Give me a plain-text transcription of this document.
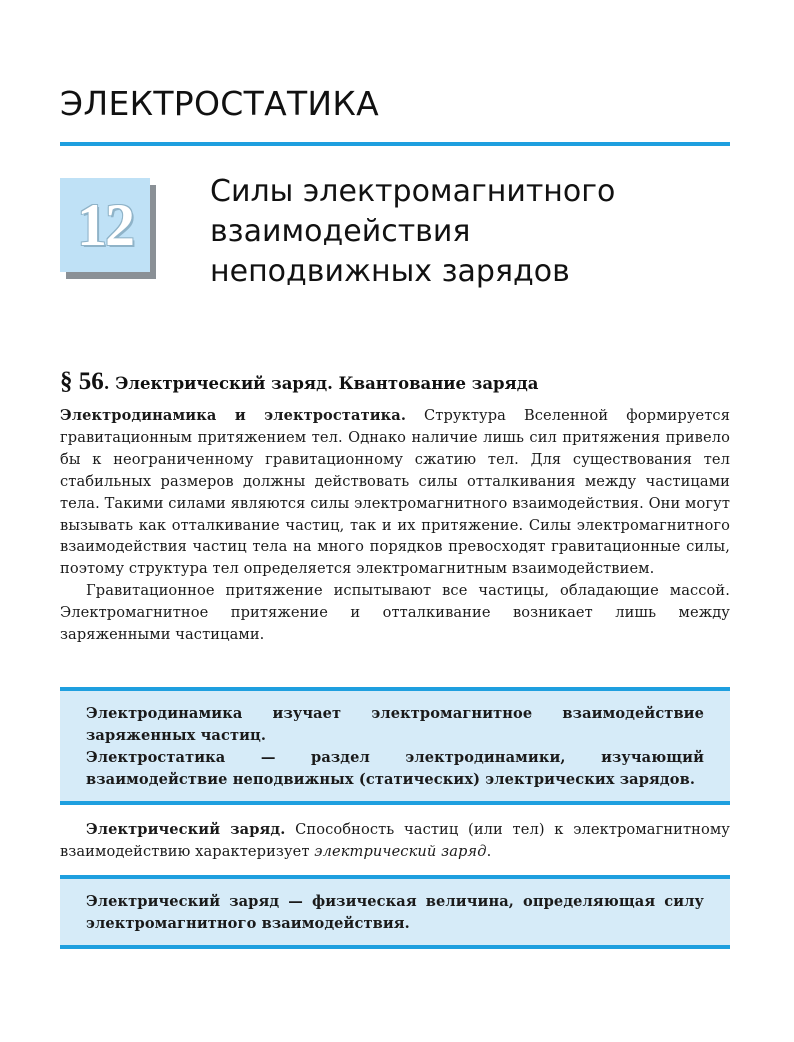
ЭЛЕКТРОСТАТИКА
12	Силы электромагнитного
взаимодействия
неподвижных зарядов
§ 56. Электрический заряд. Квантование заряда
Электродинамика и электростатика. Структура Вселенной формируется гравитационным притяжением тел. Однако наличие лишь сил притяжения привело бы к неограниченному гравитационному сжатию тел. Для существования тел стабильных размеров должны действовать силы отталкивания между частицами тела. Такими силами являются силы электромагнитного взаимодействия. Они могут вызывать как отталкивание частиц, так и их притяжение. Силы электромагнитного взаимодействия частиц тела на много порядков превосходят гравитационные силы, поэтому структура тел определяется электромагнитным взаимодействием.
Гравитационное притяжение испытывают все частицы, обладающие массой. Электромагнитное притяжение и отталкивание возникает лишь между заряженными частицами.
Электродинамика изучает электромагнитное взаимодействие заряженных частиц.
Электростатика — раздел электродинамики, изучающий взаимодействие неподвижных (статических) электрических зарядов.
Электрический заряд. Способность частиц (или тел) к электромагнитному взаимодействию характеризует электрический заряд.
Электрический заряд — физическая величина, определяющая силу электромагнитного взаимодействия.
